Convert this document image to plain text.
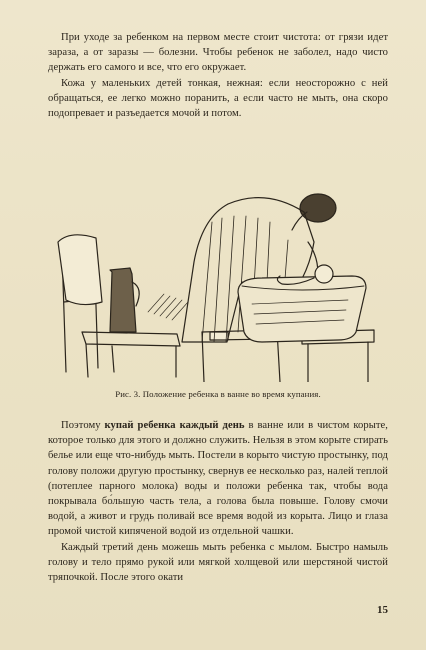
При уходе за ребенком на первом месте стоит чистота: от грязи идет зараза, а от заразы — болезни. Чтобы ребенок не заболел, надо чисто держать его самого и все, что его окружает.

Кожа у маленьких детей тонкая, нежная: если неосторожно с ней обращаться, ее легко можно поранить, а если часто не мыть, она скоро подопревает и разъедается мочой и потом.

Рис. 3. Положение ребенка в ванне во время купания.

Поэтому купай ребенка каждый день в ванне или в чистом корыте, которое только для этого и должно служить. Нельзя в этом корыте стирать белье или еще что-нибудь мыть. Постели в корыто чистую простынку, под голову положи другую простынку, свернув ее несколько раз, налей теплой (потеплее парного молока) воды и положи ребенка так, чтобы вода покрывала бо́льшую часть тела, а голова была повыше. Голову смочи водой, а живот и грудь поливай все время водой из корыта. Лицо и глаза промой чистой кипяченой водой из отдельной чашки.

Каждый третий день можешь мыть ребенка с мылом. Быстро намыль голову и тело прямо рукой или мягкой холщевой или шерстяной чистой тряпочкой. После этого окати

15
